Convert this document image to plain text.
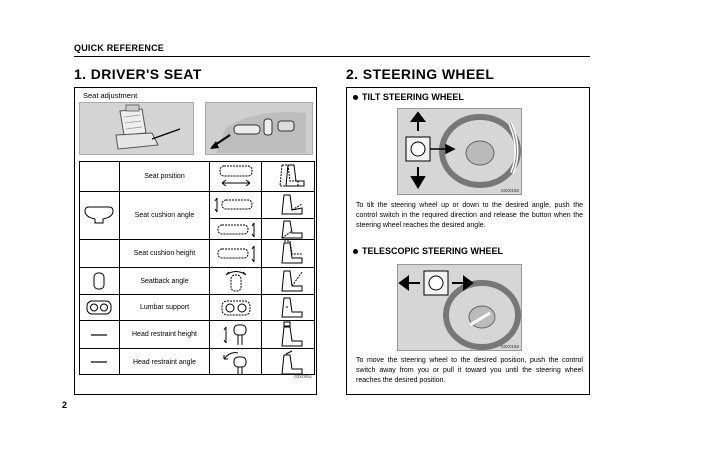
QUICK REFERENCE
1. DRIVER'S SEAT	2. STEERING WHEEL
Seat adjustment
Seat position
Seat cushion angle
Seat cushion height
Seatback angle
Lumbar support
Head restraint height
Head restraint angle
03X005c
TILT STEERING WHEEL
03X0155
To tilt the steering wheel up or down to the desired angle, push the control switch in the required direction and release the button when the steering wheel reaches the desired angle.
TELESCOPIC STEERING WHEEL
03X0156
To move the steering wheel to the desired position, push the control switch away from you or pull it toward you until the steering wheel reaches the desired position.
2
